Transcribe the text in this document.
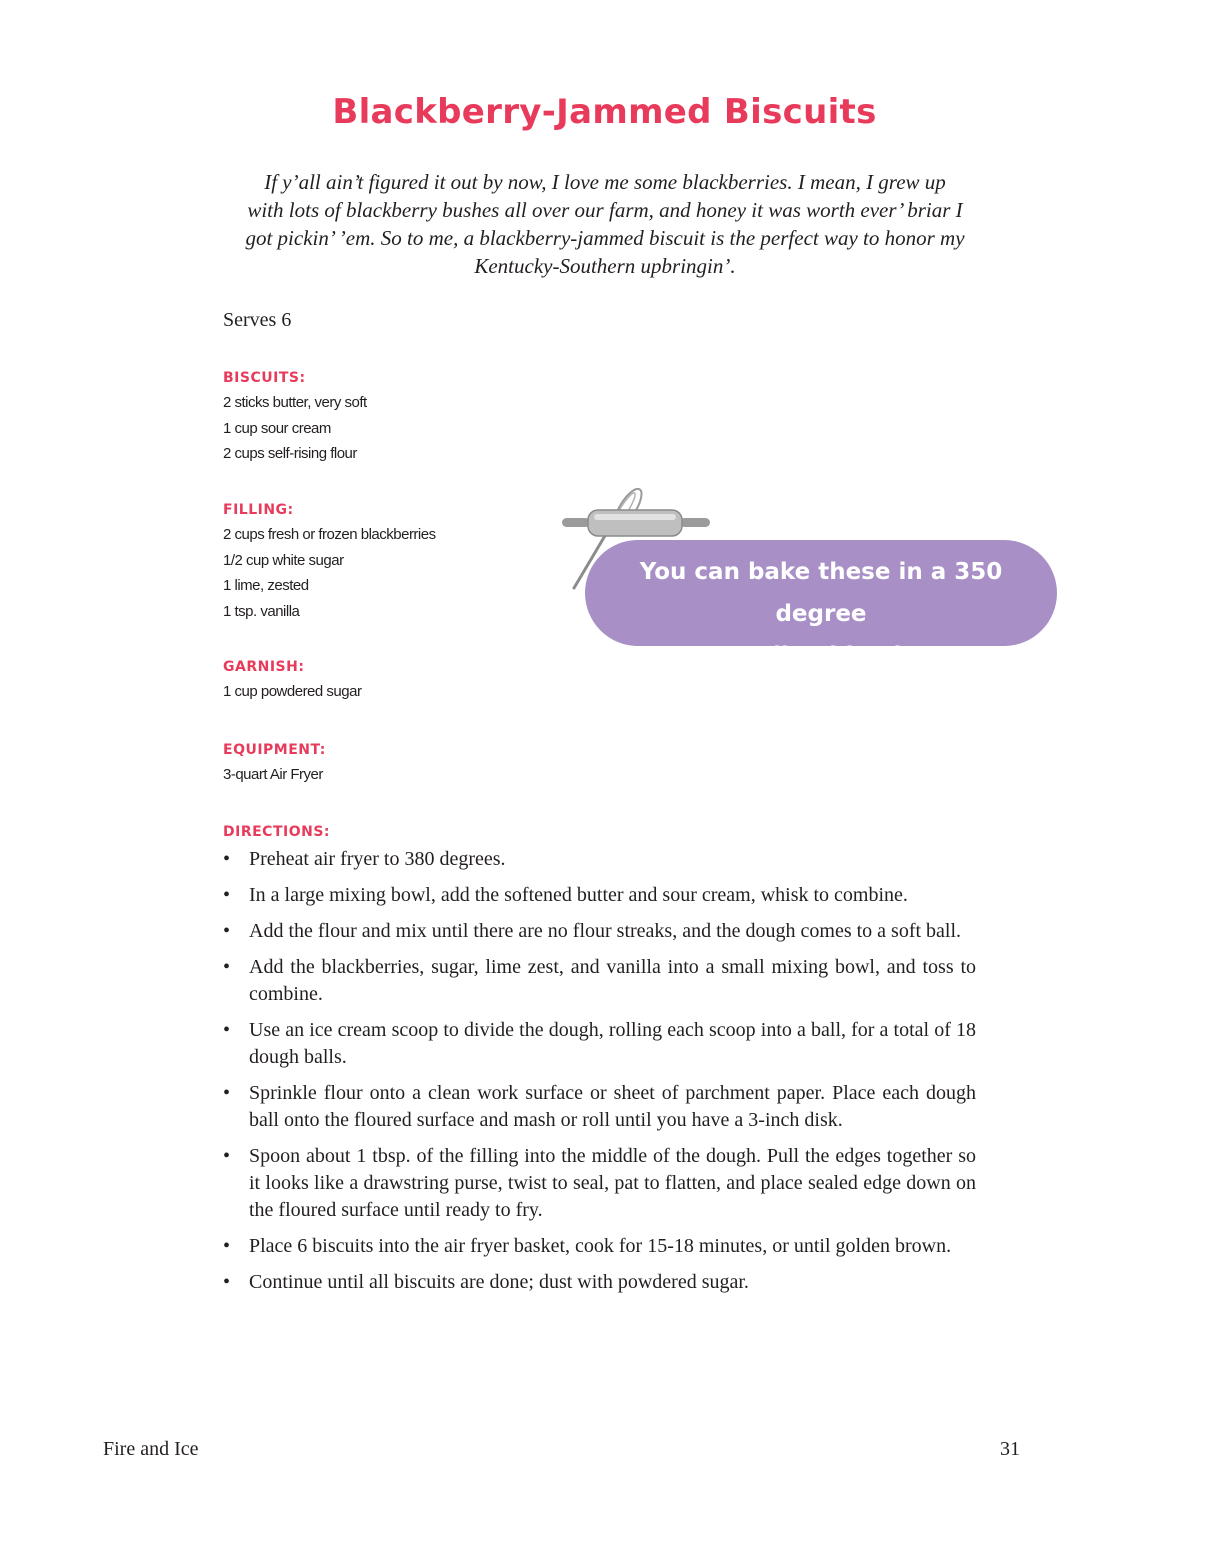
Blackberry-Jammed Biscuits
If y’all ain’t figured it out by now, I love me some blackberries. I mean, I grew up
with lots of blackberry bushes all over our farm, and honey it was worth ever’ briar I
got pickin’ ’em. So to me, a blackberry-jammed biscuit is the perfect way to honor my
Kentucky-Southern upbringin’.
Serves 6
BISCUITS:
2 sticks butter, very soft
1 cup sour cream
2 cups self-rising flour
FILLING:
2 cups fresh or frozen blackberries
1/2 cup white sugar
1 lime, zested
1 tsp. vanilla
GARNISH:
1 cup powdered sugar
EQUIPMENT:
3-quart Air Fryer
DIRECTIONS:
• Preheat air fryer to 380 degrees.
• In a large mixing bowl, add the softened butter and sour cream, whisk to combine.
• Add the flour and mix until there are no flour streaks, and the dough comes to a soft ball.
• Add the blackberries, sugar, lime zest, and vanilla into a small mixing bowl, and toss to combine.
• Use an ice cream scoop to divide the dough, rolling each scoop into a ball, for a total of 18 dough balls.
• Sprinkle flour onto a clean work surface or sheet of parchment paper. Place each dough ball onto the floured surface and mash or roll until you have a 3-inch disk.
• Spoon about 1 tbsp. of the filling into the middle of the dough. Pull the edges together so it looks like a drawstring purse, twist to seal, pat to flatten, and place sealed edge down on the floured surface until ready to fry.
• Place 6 biscuits into the air fryer basket, cook for 15-18 minutes, or until golden brown.
• Continue until all biscuits are done; dust with powdered sugar.
You can bake these in a 350 degree
oven until golden brown.
Fire and Ice	31
